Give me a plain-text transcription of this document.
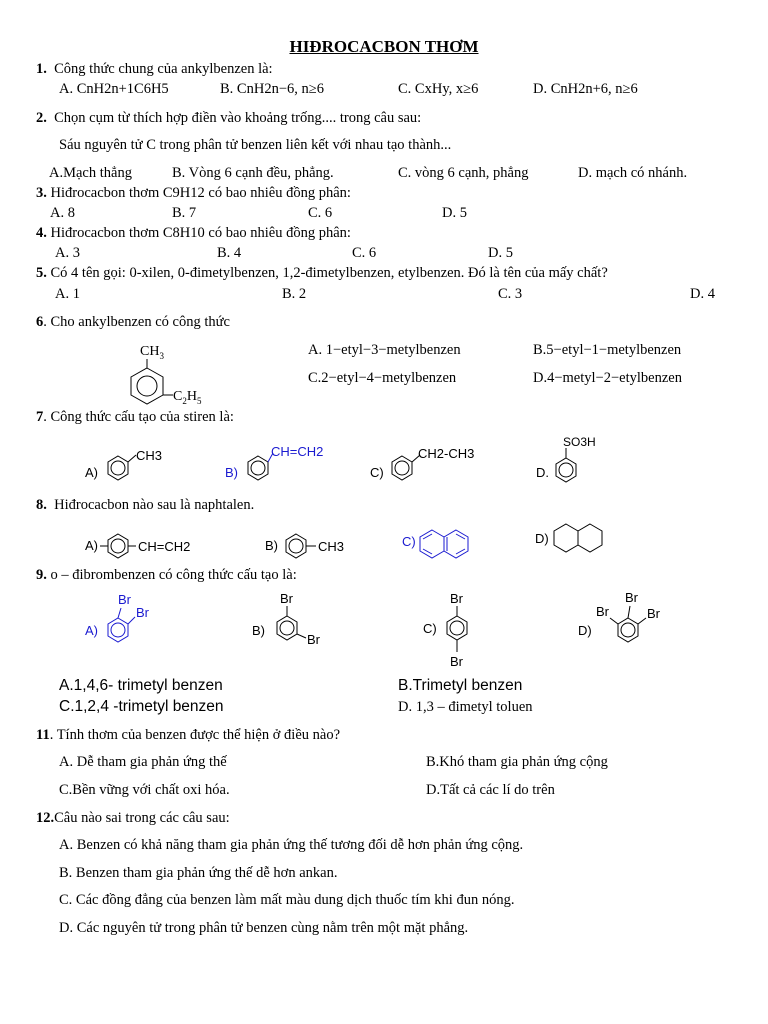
HIĐROCACBON THƠM
1. Công thức chung của ankylbenzen là:
A. CnH2n+1C6H5	B. CnH2n−6, n≥6	C. CxHy, x≥6	D. CnH2n+6, n≥6
2. Chọn cụm từ thích hợp điền vào khoảng trống.... trong câu sau:
Sáu nguyên tử C trong phân tử benzen liên kết với nhau tạo thành...
A.Mạch thẳng	B. Vòng 6 cạnh đều, phẳng.	C. vòng 6 cạnh, phẳng	D. mạch có nhánh.
3. Hiđrocacbon thơm C9H12 có bao nhiêu đồng phân:
A. 8	B. 7	C. 6	D. 5
4. Hiđrocacbon thơm C8H10 có bao nhiêu đồng phân:
A. 3	B. 4	C. 6	D. 5
5. Có 4 tên gọi: 0-xilen, 0-đimetylbenzen, 1,2-đimetylbenzen, etylbenzen. Đó là tên của mấy chất?
A. 1	B. 2	C. 3	D. 4
6. Cho ankylbenzen có công thức
$CH_3$
$C_2H_5$
A. 1−etyl−3−metylbenzen	B.5−etyl−1−metylbenzen
C.2−etyl−4−metylbenzen	D.4−metyl−2−etylbenzen
7. Công thức cấu tạo của stiren là:
A)
CH3
B)
CH=CH2
C)
CH2-CH3
D.
SO3H
8. Hiđrocacbon nào sau là naphtalen.
A)	CH=CH2	B)	CH3	C)	D)
9. o – đibrombenzen có công thức cấu tạo là:
A)
Br
Br
B)
Br
Br
C)
Br
Br
D)
Br
Br	Br
A.1,4,6- trimetyl benzen	B.Trimetyl benzen
C.1,2,4 -trimetyl benzen	D. 1,3 – đimetyl toluen
11. Tính thơm của benzen được thể hiện ở điều nào?
A. Dễ tham gia phản ứng thế	B.Khó tham gia phản ứng cộng
C.Bền vững với chất oxi hóa.	D.Tất cả các lí do trên
12.Câu nào sai trong các câu sau:
A. Benzen có khả năng tham gia phản ứng thế tương đối dễ hơn phản ứng cộng.
B. Benzen tham gia phản ứng thế dễ hơn ankan.
C. Các đồng đẳng của benzen làm mất màu dung dịch thuốc tím khi đun nóng.
D. Các nguyên tử trong phân tử benzen cùng nằm trên một mặt phẳng.
